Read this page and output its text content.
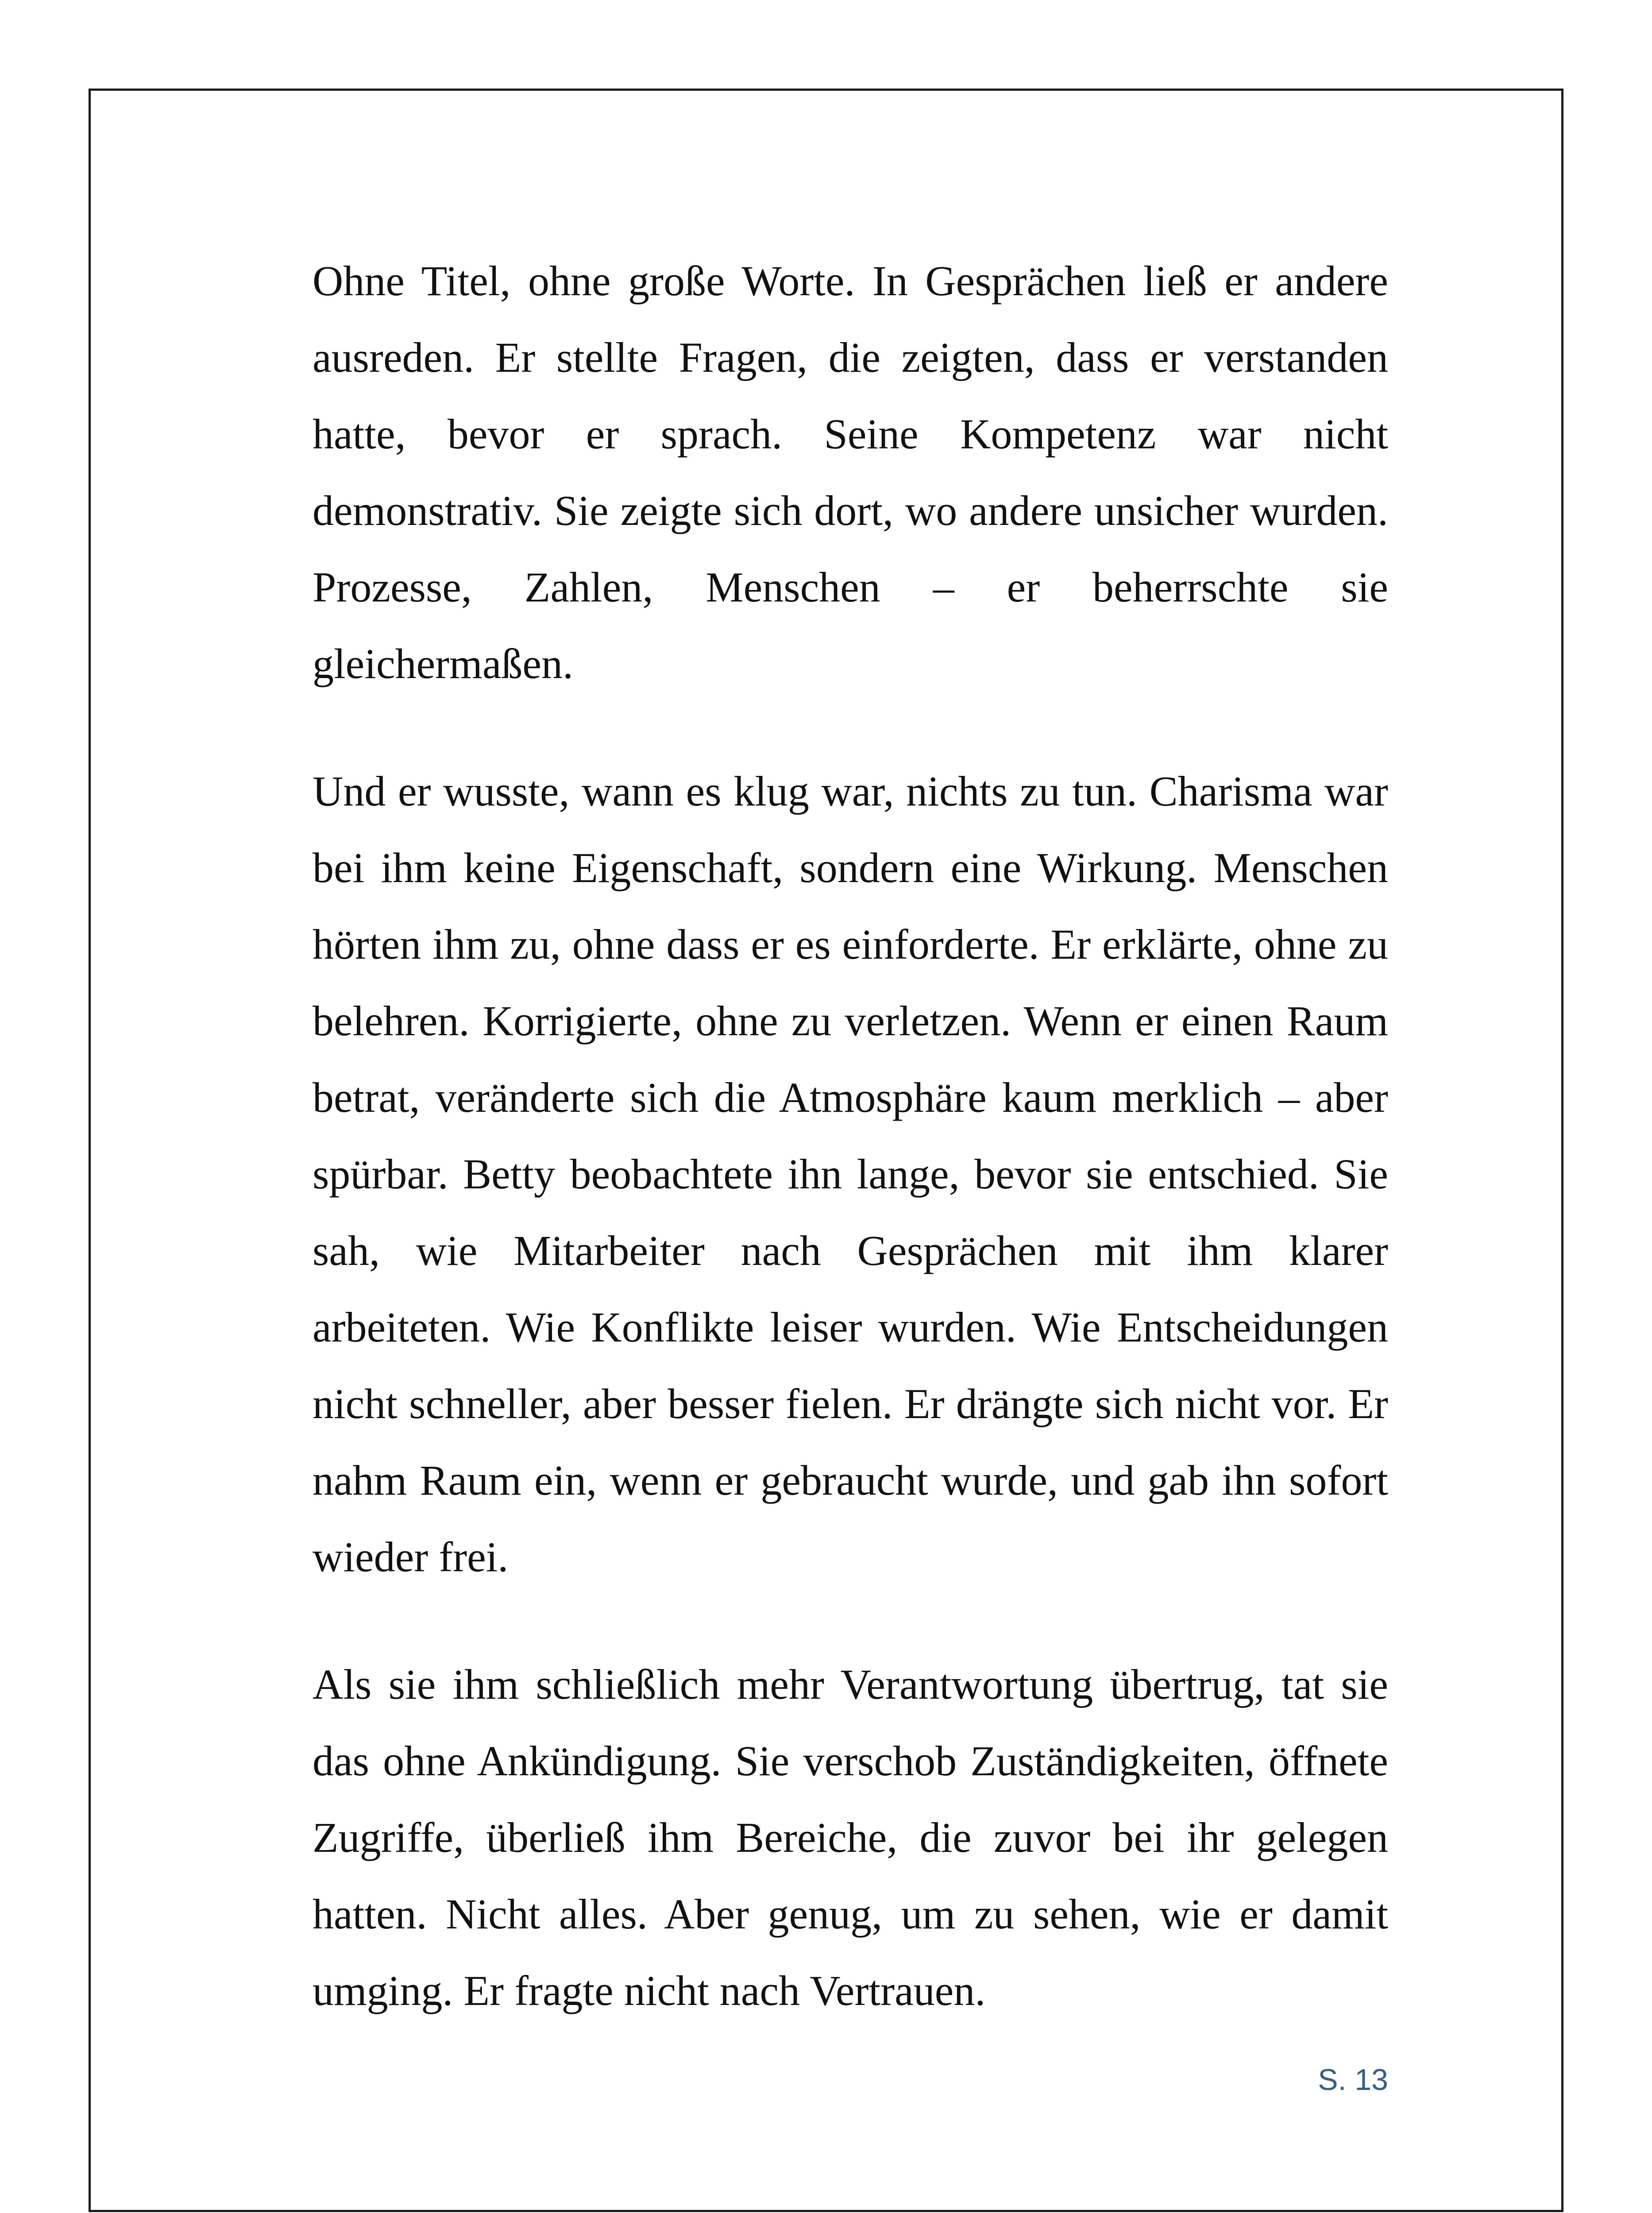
Ohne Titel, ohne große Worte. In Gesprächen ließ er andere ausreden. Er stellte Fragen, die zeigten, dass er verstanden hatte, bevor er sprach. Seine Kompetenz war nicht demonstrativ. Sie zeigte sich dort, wo andere unsicher wurden. Prozesse, Zahlen, Menschen – er beherrschte sie gleichermaßen.

Und er wusste, wann es klug war, nichts zu tun. Charisma war bei ihm keine Eigenschaft, sondern eine Wirkung. Menschen hörten ihm zu, ohne dass er es einforderte. Er erklärte, ohne zu belehren. Korrigierte, ohne zu verletzen. Wenn er einen Raum betrat, veränderte sich die Atmosphäre kaum merklich – aber spürbar. Betty beobachtete ihn lange, bevor sie entschied. Sie sah, wie Mitarbeiter nach Gesprächen mit ihm klarer arbeiteten. Wie Konflikte leiser wurden. Wie Entscheidungen nicht schneller, aber besser fielen. Er drängte sich nicht vor. Er nahm Raum ein, wenn er gebraucht wurde, und gab ihn sofort wieder frei.

Als sie ihm schließlich mehr Verantwortung übertrug, tat sie das ohne Ankündigung. Sie verschob Zuständigkeiten, öffnete Zugriffe, überließ ihm Bereiche, die zuvor bei ihr gelegen hatten. Nicht alles. Aber genug, um zu sehen, wie er damit umging. Er fragte nicht nach Vertrauen.

S. 13
